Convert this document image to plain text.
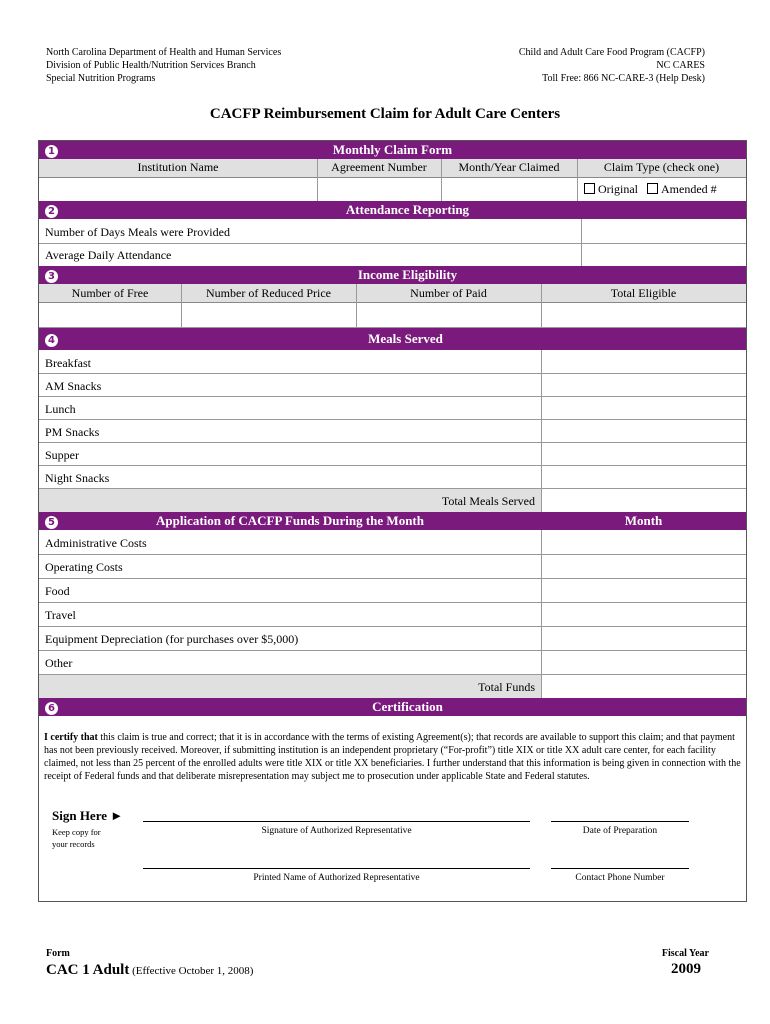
North Carolina Department of Health and Human Services
Division of Public Health/Nutrition Services Branch
Special Nutrition Programs
Child and Adult Care Food Program (CACFP)
NC CARES
Toll Free: 866 NC-CARE-3 (Help Desk)
CACFP Reimbursement Claim for Adult Care Centers
1	Monthly Claim Form
Institution Name	Agreement Number	Month/Year Claimed	Claim Type (check one)
Original	Amended #
2	Attendance Reporting
Number of Days Meals were Provided
Average Daily Attendance
3	Income Eligibility
Number of Free	Number of Reduced Price	Number of Paid	Total Eligible
4	Meals Served
Breakfast
AM Snacks
Lunch
PM Snacks
Supper
Night Snacks
Total Meals Served
5	Application of CACFP Funds During the Month	Month
Administrative Costs
Operating Costs
Food
Travel
Equipment Depreciation (for purchases over $5,000)
Other
Total Funds
6	Certification
I certify that this claim is true and correct; that it is in accordance with the terms of existing Agreement(s); that records are available to support this claim; and that payment has not been previously received. Moreover, if submitting institution is an independent proprietary (“For-profit”) title XIX or title XX adult care center, for each facility claimed, not less than 25 percent of the enrolled adults were title XIX or title XX beneficiaries. I further understand that this information is being given in connection with the receipt of Federal funds and that deliberate misrepresentation may subject me to prosecution under applicable State and Federal statutes.
Sign Here ►
Keep copy for
your records
Signature of Authorized Representative	Date of Preparation
Printed Name of Authorized Representative	Contact Phone Number
Form
CAC 1 Adult (Effective October 1, 2008)
Fiscal Year
2009
